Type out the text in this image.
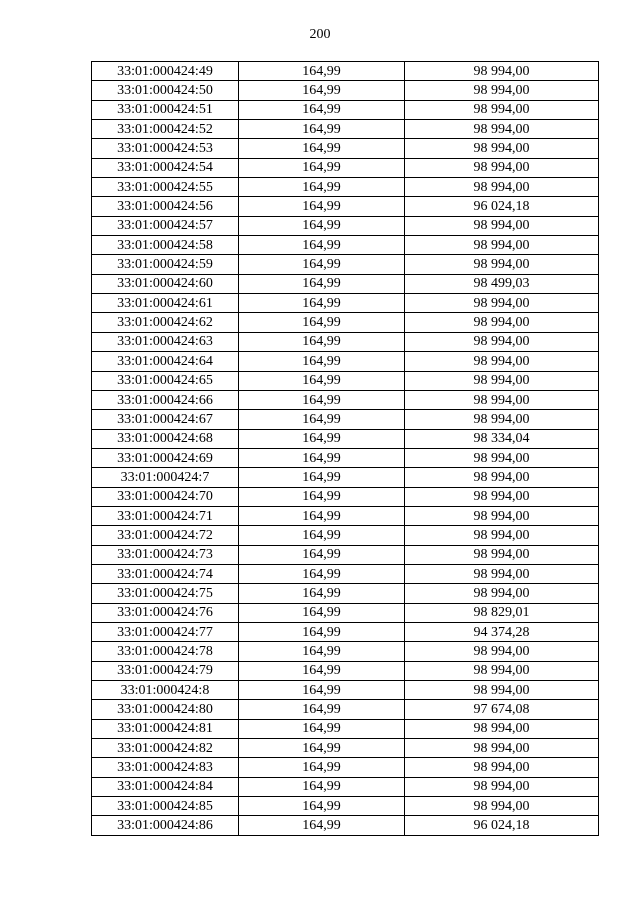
200
33:01:000424:49	164,99	98 994,00
33:01:000424:50	164,99	98 994,00
33:01:000424:51	164,99	98 994,00
33:01:000424:52	164,99	98 994,00
33:01:000424:53	164,99	98 994,00
33:01:000424:54	164,99	98 994,00
33:01:000424:55	164,99	98 994,00
33:01:000424:56	164,99	96 024,18
33:01:000424:57	164,99	98 994,00
33:01:000424:58	164,99	98 994,00
33:01:000424:59	164,99	98 994,00
33:01:000424:60	164,99	98 499,03
33:01:000424:61	164,99	98 994,00
33:01:000424:62	164,99	98 994,00
33:01:000424:63	164,99	98 994,00
33:01:000424:64	164,99	98 994,00
33:01:000424:65	164,99	98 994,00
33:01:000424:66	164,99	98 994,00
33:01:000424:67	164,99	98 994,00
33:01:000424:68	164,99	98 334,04
33:01:000424:69	164,99	98 994,00
33:01:000424:7	164,99	98 994,00
33:01:000424:70	164,99	98 994,00
33:01:000424:71	164,99	98 994,00
33:01:000424:72	164,99	98 994,00
33:01:000424:73	164,99	98 994,00
33:01:000424:74	164,99	98 994,00
33:01:000424:75	164,99	98 994,00
33:01:000424:76	164,99	98 829,01
33:01:000424:77	164,99	94 374,28
33:01:000424:78	164,99	98 994,00
33:01:000424:79	164,99	98 994,00
33:01:000424:8	164,99	98 994,00
33:01:000424:80	164,99	97 674,08
33:01:000424:81	164,99	98 994,00
33:01:000424:82	164,99	98 994,00
33:01:000424:83	164,99	98 994,00
33:01:000424:84	164,99	98 994,00
33:01:000424:85	164,99	98 994,00
33:01:000424:86	164,99	96 024,18
